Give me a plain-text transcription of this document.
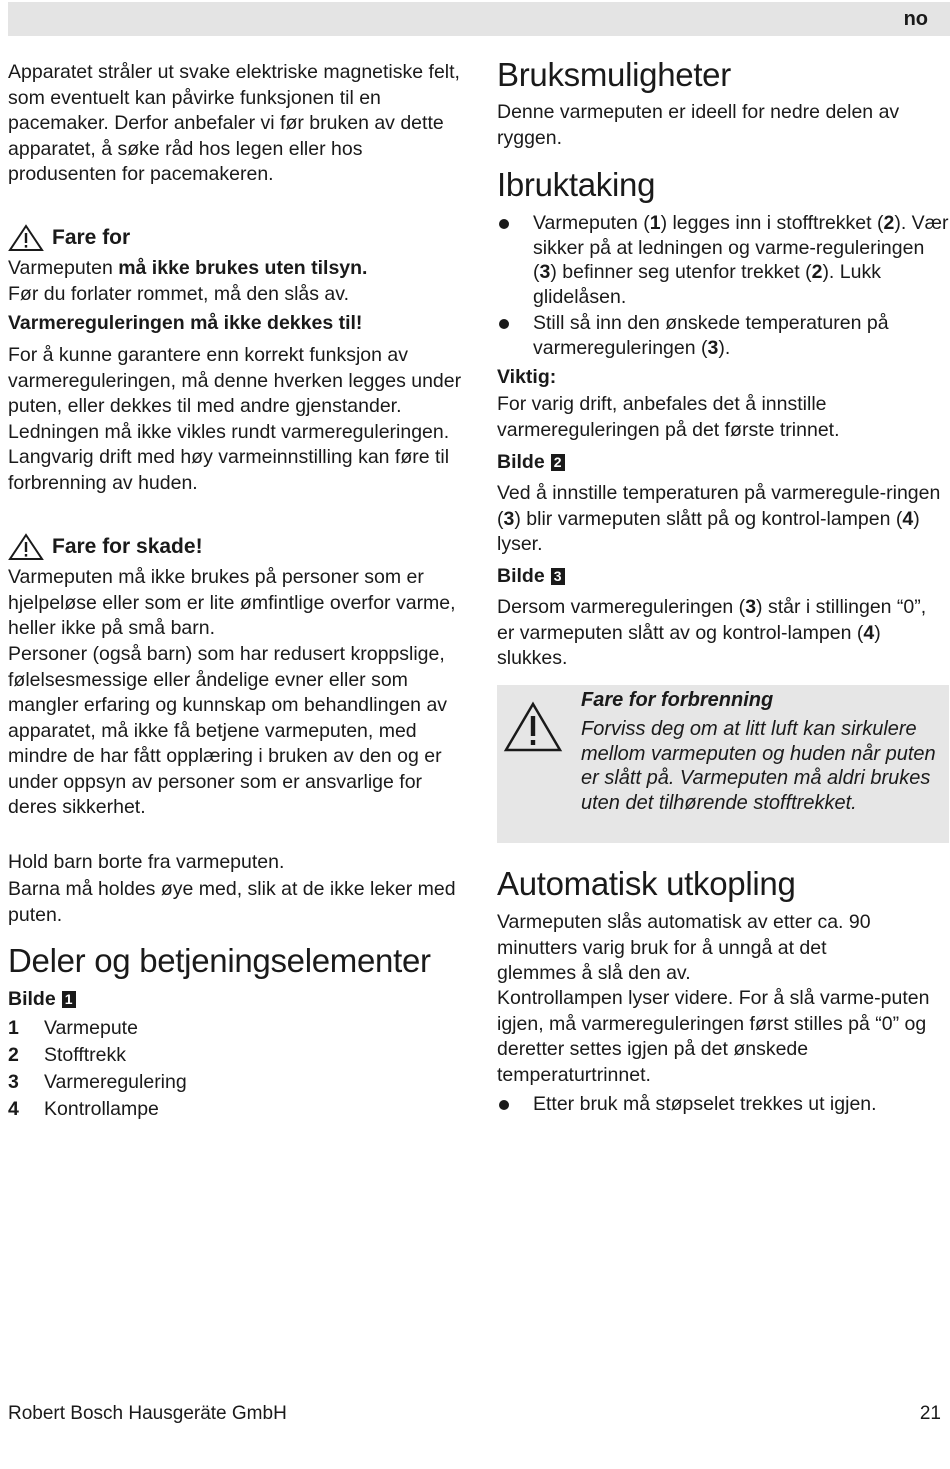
no

Apparatet stråler ut svake elektriske magnetiske felt, som eventuelt kan påvirke funksjonen til en pacemaker. Derfor anbefaler vi før bruken av dette apparatet, å søke råd hos legen eller hos produsenten for pacemakeren.

Fare for

Varmeputen må ikke brukes uten tilsyn.

Før du forlater rommet, må den slås av.

Varmereguleringen må ikke dekkes til!

For å kunne garantere enn korrekt funksjon av varmereguleringen, må denne hverken legges under puten, eller dekkes til med andre gjenstander. Ledningen må ikke vikles rundt varmereguleringen. Langvarig drift med høy varmeinnstilling kan føre til forbrenning av huden.

Fare for skade!

Varmeputen må ikke brukes på personer som er hjelpeløse eller som er lite ømfintlige overfor varme, heller ikke på små barn.

Personer (også barn) som har redusert kroppslige, følelsesmessige eller åndelige evner eller som mangler erfaring og kunnskap om behandlingen av apparatet, må ikke få betjene varmeputen, med mindre de har fått opplæring i bruken av den og er under oppsyn av personer som er ansvarlige for deres sikkerhet.

Hold barn borte fra varmeputen.

Barna må holdes øye med, slik at de ikke leker med puten.

Deler og betjeningselementer
Bilde 1
1	Varmepute
2	Stofftrekk
3	Varmeregulering
4	Kontrollampe
Bruksmuligheter

Denne varmeputen er ideell for nedre delen av ryggen.

Ibruktaking
Varmeputen (1) legges inn i stofftrekket (2). Vær sikker på at ledningen og varme-reguleringen (3) befinner seg utenfor trekket (2). Lukk glidelåsen.
Still så inn den ønskede temperaturen på varmereguleringen (3).
Viktig:

For varig drift, anbefales det å innstille varmereguleringen på det første trinnet.

Bilde 2

Ved å innstille temperaturen på varmeregule-ringen (3) blir varmeputen slått på og kontrol-lampen (4) lyser.

Bilde 3

Dersom varmereguleringen (3) står i stillingen “0”, er varmeputen slått av og kontrol-lampen (4) slukkes.

Automatisk utkopling

Varmeputen slås automatisk av etter ca. 90 minutters varig bruk for å unngå at det glemmes å slå den av.

Kontrollampen lyser videre. For å slå varme-puten igjen, må varmereguleringen først stilles på “0” og deretter settes igjen på det ønskede temperaturtrinnet.

Etter bruk må støpselet trekkes ut igjen.
Fare for forbrenning
Forviss deg om at litt luft kan sirkulere mellom varmeputen og huden når puten er slått på. Varmeputen må aldri brukes uten det tilhørende stofftrekket.
Robert Bosch Hausgeräte GmbH	21
